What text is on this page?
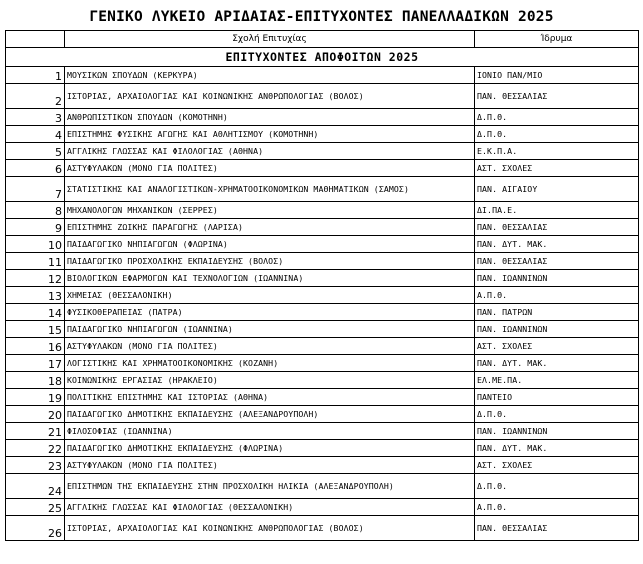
ΓΕΝΙΚΟ ΛΥΚΕΙΟ ΑΡΙΔΑΙΑΣ-ΕΠΙΤΥΧΟΝΤΕΣ ΠΑΝΕΛΛΑΔΙΚΩΝ 2025
	Σχολή Επιτυχίας	Ίδρυμα
ΕΠΙΤΥΧΟΝΤΕΣ ΑΠΟΦΟΙΤΩΝ 2025		
1	ΜΟΥΣΙΚΩΝ ΣΠΟΥΔΩΝ (ΚΕΡΚΥΡΑ)	ΙΟΝΙΟ ΠΑΝ/ΜΙΟ
2	ΙΣΤΟΡΙΑΣ, ΑΡΧΑΙΟΛΟΓΙΑΣ ΚΑΙ ΚΟΙΝΩΝΙΚΗΣ ΑΝΘΡΩΠΟΛΟΓΙΑΣ (ΒΟΛΟΣ)	ΠΑΝ. ΘΕΣΣΑΛΙΑΣ
3	ΑΝΘΡΩΠΙΣΤΙΚΩΝ ΣΠΟΥΔΩΝ (ΚΟΜΟΤΗΝΗ)	Δ.Π.Θ.
4	ΕΠΙΣΤΗΜΗΣ ΦΥΣΙΚΗΣ ΑΓΩΓΗΣ ΚΑΙ ΑΘΛΗΤΙΣΜΟΥ (ΚΟΜΟΤΗΝΗ)	Δ.Π.Θ.
5	ΑΓΓΛΙΚΗΣ ΓΛΩΣΣΑΣ ΚΑΙ ΦΙΛΟΛΟΓΙΑΣ (ΑΘΗΝΑ)	Ε.Κ.Π.Α.
6	ΑΣΤΥΦΥΛΑΚΩΝ (ΜΟΝΟ ΓΙΑ ΠΟΛΙΤΕΣ)	ΑΣΤ. ΣΧΟΛΕΣ
7	ΣΤΑΤΙΣΤΙΚΗΣ ΚΑΙ ΑΝΑΛΟΓΙΣΤΙΚΩΝ-ΧΡΗΜΑΤΟΟΙΚΟΝΟΜΙΚΩΝ ΜΑΘΗΜΑΤΙΚΩΝ (ΣΑΜΟΣ)	ΠΑΝ. ΑΙΓΑΙΟΥ
8	ΜΗΧΑΝΟΛΟΓΩΝ ΜΗΧΑΝΙΚΩΝ (ΣΕΡΡΕΣ)	ΔΙ.ΠΑ.Ε.
9	ΕΠΙΣΤΗΜΗΣ ΖΩΙΚΗΣ ΠΑΡΑΓΩΓΗΣ (ΛΑΡΙΣΑ)	ΠΑΝ. ΘΕΣΣΑΛΙΑΣ
10	ΠΑΙΔΑΓΩΓΙΚΟ ΝΗΠΙΑΓΩΓΩΝ (ΦΛΩΡΙΝΑ)	ΠΑΝ. ΔΥΤ. ΜΑΚ.
11	ΠΑΙΔΑΓΩΓΙΚΟ ΠΡΟΣΧΟΛΙΚΗΣ ΕΚΠΑΙΔΕΥΣΗΣ (ΒΟΛΟΣ)	ΠΑΝ. ΘΕΣΣΑΛΙΑΣ
12	ΒΙΟΛΟΓΙΚΩΝ ΕΦΑΡΜΟΓΩΝ ΚΑΙ ΤΕΧΝΟΛΟΓΙΩΝ (ΙΩΑΝΝΙΝΑ)	ΠΑΝ. ΙΩΑΝΝΙΝΩΝ
13	ΧΗΜΕΙΑΣ (ΘΕΣΣΑΛΟΝΙΚΗ)	Α.Π.Θ.
14	ΦΥΣΙΚΟΘΕΡΑΠΕΙΑΣ (ΠΑΤΡΑ)	ΠΑΝ. ΠΑΤΡΩΝ
15	ΠΑΙΔΑΓΩΓΙΚΟ ΝΗΠΙΑΓΩΓΩΝ (ΙΩΑΝΝΙΝΑ)	ΠΑΝ. ΙΩΑΝΝΙΝΩΝ
16	ΑΣΤΥΦΥΛΑΚΩΝ (ΜΟΝΟ ΓΙΑ ΠΟΛΙΤΕΣ)	ΑΣΤ. ΣΧΟΛΕΣ
17	ΛΟΓΙΣΤΙΚΗΣ ΚΑΙ ΧΡΗΜΑΤΟΟΙΚΟΝΟΜΙΚΗΣ (ΚΟΖΑΝΗ)	ΠΑΝ. ΔΥΤ. ΜΑΚ.
18	ΚΟΙΝΩΝΙΚΗΣ ΕΡΓΑΣΙΑΣ (ΗΡΑΚΛΕΙΟ)	ΕΛ.ΜΕ.ΠΑ.
19	ΠΟΛΙΤΙΚΗΣ ΕΠΙΣΤΗΜΗΣ ΚΑΙ ΙΣΤΟΡΙΑΣ (ΑΘΗΝΑ)	ΠΑΝΤΕΙΟ
20	ΠΑΙΔΑΓΩΓΙΚΟ ΔΗΜΟΤΙΚΗΣ ΕΚΠΑΙΔΕΥΣΗΣ (ΑΛΕΞΑΝΔΡΟΥΠΟΛΗ)	Δ.Π.Θ.
21	ΦΙΛΟΣΟΦΙΑΣ (ΙΩΑΝΝΙΝΑ)	ΠΑΝ. ΙΩΑΝΝΙΝΩΝ
22	ΠΑΙΔΑΓΩΓΙΚΟ ΔΗΜΟΤΙΚΗΣ ΕΚΠΑΙΔΕΥΣΗΣ (ΦΛΩΡΙΝΑ)	ΠΑΝ. ΔΥΤ. ΜΑΚ.
23	ΑΣΤΥΦΥΛΑΚΩΝ (ΜΟΝΟ ΓΙΑ ΠΟΛΙΤΕΣ)	ΑΣΤ. ΣΧΟΛΕΣ
24	ΕΠΙΣΤΗΜΩΝ ΤΗΣ ΕΚΠΑΙΔΕΥΣΗΣ ΣΤΗΝ ΠΡΟΣΧΟΛΙΚΗ ΗΛΙΚΙΑ (ΑΛΕΞΑΝΔΡΟΥΠΟΛΗ)	Δ.Π.Θ.
25	ΑΓΓΛΙΚΗΣ ΓΛΩΣΣΑΣ ΚΑΙ ΦΙΛΟΛΟΓΙΑΣ (ΘΕΣΣΑΛΟΝΙΚΗ)	Α.Π.Θ.
26	ΙΣΤΟΡΙΑΣ, ΑΡΧΑΙΟΛΟΓΙΑΣ ΚΑΙ ΚΟΙΝΩΝΙΚΗΣ ΑΝΘΡΩΠΟΛΟΓΙΑΣ (ΒΟΛΟΣ)	ΠΑΝ. ΘΕΣΣΑΛΙΑΣ
